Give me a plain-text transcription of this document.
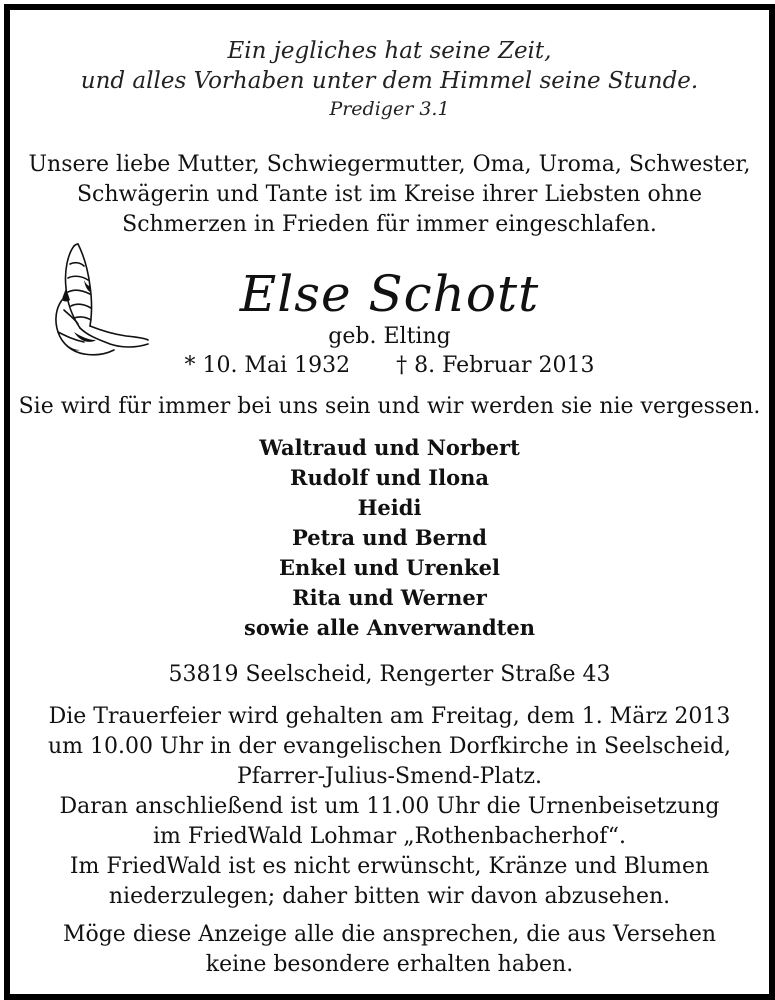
Ein jegliches hat seine Zeit,
und alles Vorhaben unter dem Himmel seine Stunde.
Prediger 3.1
Unsere liebe Mutter, Schwiegermutter, Oma, Uroma, Schwester,
Schwägerin und Tante ist im Kreise ihrer Liebsten ohne
Schmerzen in Frieden für immer eingeschlafen.
Else Schott
geb. Elting
* 10. Mai 1932 † 8. Februar 2013
Sie wird für immer bei uns sein und wir werden sie nie vergessen.
Waltraud und Norbert
Rudolf und Ilona
Heidi
Petra und Bernd
Enkel und Urenkel
Rita und Werner
sowie alle Anverwandten
53819 Seelscheid, Rengerter Straße 43
Die Trauerfeier wird gehalten am Freitag, dem 1. März 2013
um 10.00 Uhr in der evangelischen Dorfkirche in Seelscheid,
Pfarrer-Julius-Smend-Platz.
Daran anschließend ist um 11.00 Uhr die Urnenbeisetzung
im FriedWald Lohmar „Rothenbacherhof“.
Im FriedWald ist es nicht erwünscht, Kränze und Blumen
niederzulegen; daher bitten wir davon abzusehen.
Möge diese Anzeige alle die ansprechen, die aus Versehen
keine besondere erhalten haben.
